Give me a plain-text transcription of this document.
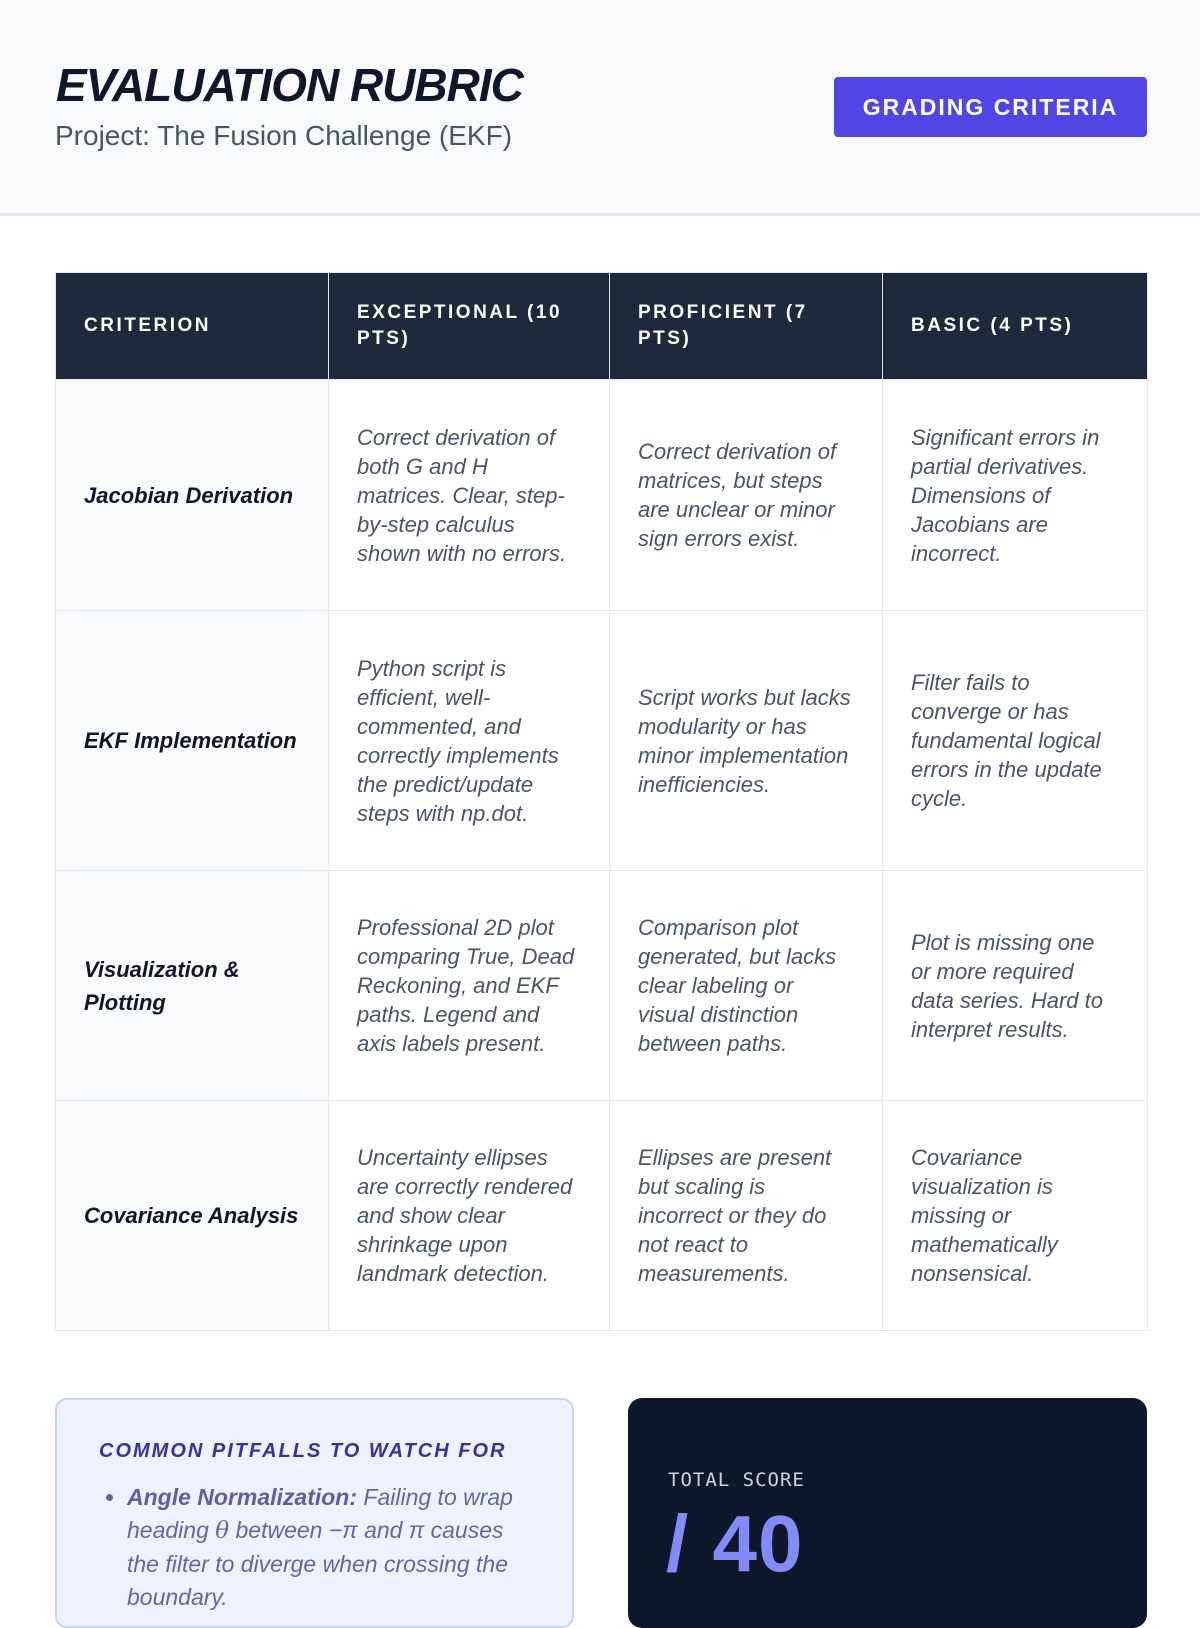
EVALUATION RUBRIC
Project: The Fusion Challenge (EKF)
GRADING CRITERIA
CRITERION	EXCEPTIONAL (10 PTS)	PROFICIENT (7 PTS)	BASIC (4 PTS)
Jacobian Derivation	Correct derivation of both G and H matrices. Clear, step-by-step calculus shown with no errors.	Correct derivation of matrices, but steps are unclear or minor sign errors exist.	Significant errors in partial derivatives. Dimensions of Jacobians are incorrect.
EKF Implementation	Python script is efficient, well-commented, and correctly implements the predict/update steps with np.dot.	Script works but lacks modularity or has minor implementation inefficiencies.	Filter fails to converge or has fundamental logical errors in the update cycle.
Visualization & Plotting	Professional 2D plot comparing True, Dead Reckoning, and EKF paths. Legend and axis labels present.	Comparison plot generated, but lacks clear labeling or visual distinction between paths.	Plot is missing one or more required data series. Hard to interpret results.
Covariance Analysis	Uncertainty ellipses are correctly rendered and show clear shrinkage upon landmark detection.	Ellipses are present but scaling is incorrect or they do not react to measurements.	Covariance visualization is missing or mathematically nonsensical.
COMMON PITFALLS TO WATCH FOR
• Angle Normalization: Failing to wrap heading θ between −π and π causes the filter to diverge when crossing the boundary.
TOTAL SCORE
/ 40
